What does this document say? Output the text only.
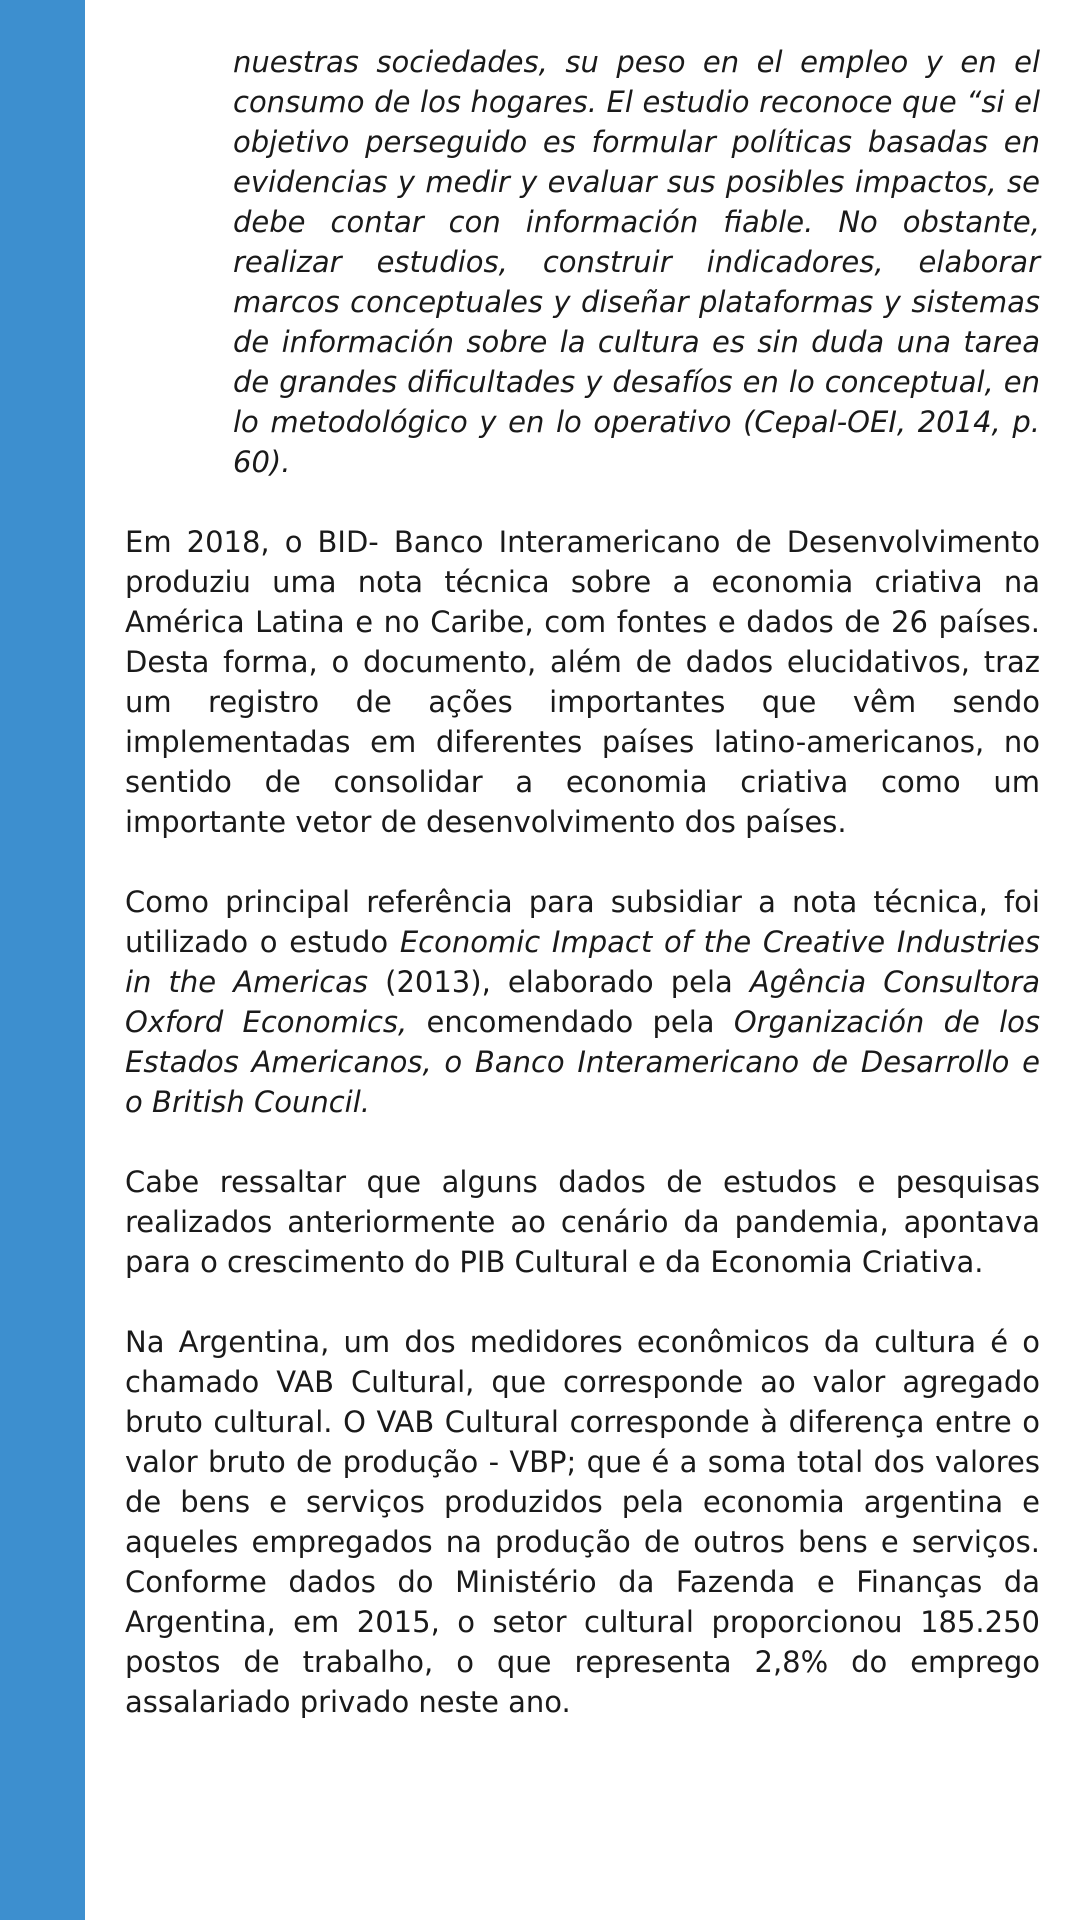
nuestras sociedades, su peso en el empleo y en el consumo de los hogares. El estudio reconoce que “si el objetivo perseguido es formular políticas basadas en evidencias y medir y evaluar sus posibles impactos, se debe contar con información fiable. No obstante, realizar estudios, construir indicadores, elaborar marcos conceptuales y diseñar plataformas y sistemas de información sobre la cultura es sin duda una tarea de grandes dificultades y desafíos en lo conceptual, en lo metodológico y en lo operativo (Cepal-OEI, 2014, p. 60).

Em 2018, o BID- Banco Interamericano de Desenvolvimento produziu uma nota técnica sobre a economia criativa na América Latina e no Caribe, com fontes e dados de 26 países. Desta forma, o documento, além de dados elucidativos, traz um registro de ações importantes que vêm sendo implementadas em diferentes países latino-americanos, no sentido de consolidar a economia criativa como um importante vetor de desenvolvimento dos países.

Como principal referência para subsidiar a nota técnica, foi utilizado o estudo Economic Impact of the Creative Industries in the Americas (2013), elaborado pela Agência Consultora Oxford Economics, encomendado pela Organización de los Estados Americanos, o Banco Interamericano de Desarrollo e o British Council.

Cabe ressaltar que alguns dados de estudos e pesquisas realizados anteriormente ao cenário da pandemia, apontava para o crescimento do PIB Cultural e da Economia Criativa.

Na Argentina, um dos medidores econômicos da cultura é o chamado VAB Cultural, que corresponde ao valor agregado bruto cultural. O VAB Cultural corresponde à diferença entre o valor bruto de produção - VBP; que é a soma total dos valores de bens e serviços produzidos pela economia argentina e aqueles empregados na produção de outros bens e serviços. Conforme dados do Ministério da Fazenda e Finanças da Argentina, em 2015, o setor cultural proporcionou 185.250 postos de trabalho, o que representa 2,8% do emprego assalariado privado neste ano.
